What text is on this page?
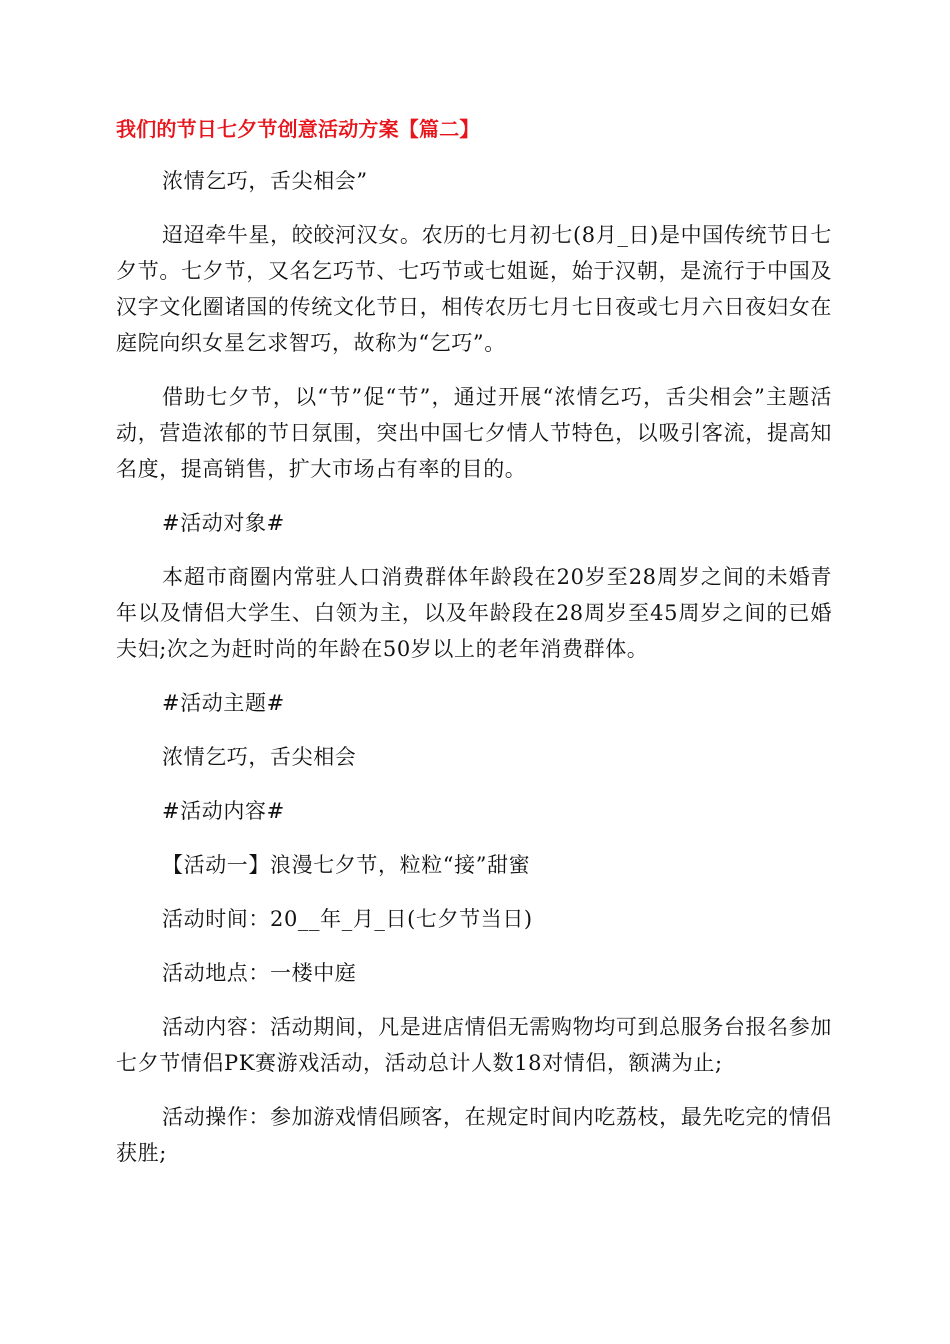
我们的节日七夕节创意活动方案【篇二】

浓情乞巧，舌尖相会”

迢迢牵牛星，皎皎河汉女。农历的七月初七(8月_日)是中国传统节日七夕节。七夕节，又名乞巧节、七巧节或七姐诞，始于汉朝，是流行于中国及汉字文化圈诸国的传统文化节日，相传农历七月七日夜或七月六日夜妇女在庭院向织女星乞求智巧，故称为“乞巧”。

借助七夕节，以“节”促“节”，通过开展“浓情乞巧，舌尖相会”主题活动，营造浓郁的节日氛围，突出中国七夕情人节特色，以吸引客流，提高知名度，提高销售，扩大市场占有率的目的。

#活动对象#

本超市商圈内常驻人口消费群体年龄段在20岁至28周岁之间的未婚青年以及情侣大学生、白领为主，以及年龄段在28周岁至45周岁之间的已婚夫妇;次之为赶时尚的年龄在50岁以上的老年消费群体。

#活动主题#

浓情乞巧，舌尖相会

#活动内容#

【活动一】浪漫七夕节，粒粒“接”甜蜜

活动时间：20__年_月_日(七夕节当日)

活动地点：一楼中庭

活动内容：活动期间，凡是进店情侣无需购物均可到总服务台报名参加七夕节情侣PK赛游戏活动，活动总计人数18对情侣，额满为止;

活动操作：参加游戏情侣顾客，在规定时间内吃荔枝，最先吃完的情侣获胜;
